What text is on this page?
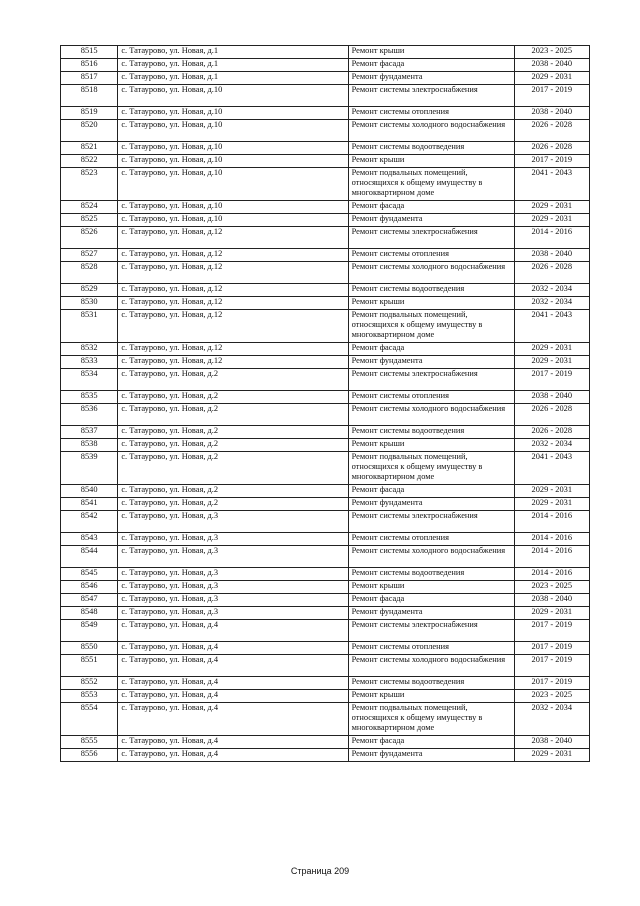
8515	с. Татаурово, ул. Новая, д.1	Ремонт крыши	2023 - 2025
8516	с. Татаурово, ул. Новая, д.1	Ремонт фасада	2038 - 2040
8517	с. Татаурово, ул. Новая, д.1	Ремонт фундамента	2029 - 2031
8518	с. Татаурово, ул. Новая, д.10	Ремонт системы электроснабжения	2017 - 2019
8519	с. Татаурово, ул. Новая, д.10	Ремонт системы отопления	2038 - 2040
8520	с. Татаурово, ул. Новая, д.10	Ремонт системы холодного водоснабжения	2026 - 2028
8521	с. Татаурово, ул. Новая, д.10	Ремонт системы водоотведения	2026 - 2028
8522	с. Татаурово, ул. Новая, д.10	Ремонт крыши	2017 - 2019
8523	с. Татаурово, ул. Новая, д.10	Ремонт подвальных помещений, относящихся к общему имуществу в многоквартирном доме	2041 - 2043
8524	с. Татаурово, ул. Новая, д.10	Ремонт фасада	2029 - 2031
8525	с. Татаурово, ул. Новая, д.10	Ремонт фундамента	2029 - 2031
8526	с. Татаурово, ул. Новая, д.12	Ремонт системы электроснабжения	2014 - 2016
8527	с. Татаурово, ул. Новая, д.12	Ремонт системы отопления	2038 - 2040
8528	с. Татаурово, ул. Новая, д.12	Ремонт системы холодного водоснабжения	2026 - 2028
8529	с. Татаурово, ул. Новая, д.12	Ремонт системы водоотведения	2032 - 2034
8530	с. Татаурово, ул. Новая, д.12	Ремонт крыши	2032 - 2034
8531	с. Татаурово, ул. Новая, д.12	Ремонт подвальных помещений, относящихся к общему имуществу в многоквартирном доме	2041 - 2043
8532	с. Татаурово, ул. Новая, д.12	Ремонт фасада	2029 - 2031
8533	с. Татаурово, ул. Новая, д.12	Ремонт фундамента	2029 - 2031
8534	с. Татаурово, ул. Новая, д.2	Ремонт системы электроснабжения	2017 - 2019
8535	с. Татаурово, ул. Новая, д.2	Ремонт системы отопления	2038 - 2040
8536	с. Татаурово, ул. Новая, д.2	Ремонт системы холодного водоснабжения	2026 - 2028
8537	с. Татаурово, ул. Новая, д.2	Ремонт системы водоотведения	2026 - 2028
8538	с. Татаурово, ул. Новая, д.2	Ремонт крыши	2032 - 2034
8539	с. Татаурово, ул. Новая, д.2	Ремонт подвальных помещений, относящихся к общему имуществу в многоквартирном доме	2041 - 2043
8540	с. Татаурово, ул. Новая, д.2	Ремонт фасада	2029 - 2031
8541	с. Татаурово, ул. Новая, д.2	Ремонт фундамента	2029 - 2031
8542	с. Татаурово, ул. Новая, д.3	Ремонт системы электроснабжения	2014 - 2016
8543	с. Татаурово, ул. Новая, д.3	Ремонт системы отопления	2014 - 2016
8544	с. Татаурово, ул. Новая, д.3	Ремонт системы холодного водоснабжения	2014 - 2016
8545	с. Татаурово, ул. Новая, д.3	Ремонт системы водоотведения	2014 - 2016
8546	с. Татаурово, ул. Новая, д.3	Ремонт крыши	2023 - 2025
8547	с. Татаурово, ул. Новая, д.3	Ремонт фасада	2038 - 2040
8548	с. Татаурово, ул. Новая, д.3	Ремонт фундамента	2029 - 2031
8549	с. Татаурово, ул. Новая, д.4	Ремонт системы электроснабжения	2017 - 2019
8550	с. Татаурово, ул. Новая, д.4	Ремонт системы отопления	2017 - 2019
8551	с. Татаурово, ул. Новая, д.4	Ремонт системы холодного водоснабжения	2017 - 2019
8552	с. Татаурово, ул. Новая, д.4	Ремонт системы водоотведения	2017 - 2019
8553	с. Татаурово, ул. Новая, д.4	Ремонт крыши	2023 - 2025
8554	с. Татаурово, ул. Новая, д.4	Ремонт подвальных помещений, относящихся к общему имуществу в многоквартирном доме	2032 - 2034
8555	с. Татаурово, ул. Новая, д.4	Ремонт фасада	2038 - 2040
8556	с. Татаурово, ул. Новая, д.4	Ремонт фундамента	2029 - 2031
Страница 209
